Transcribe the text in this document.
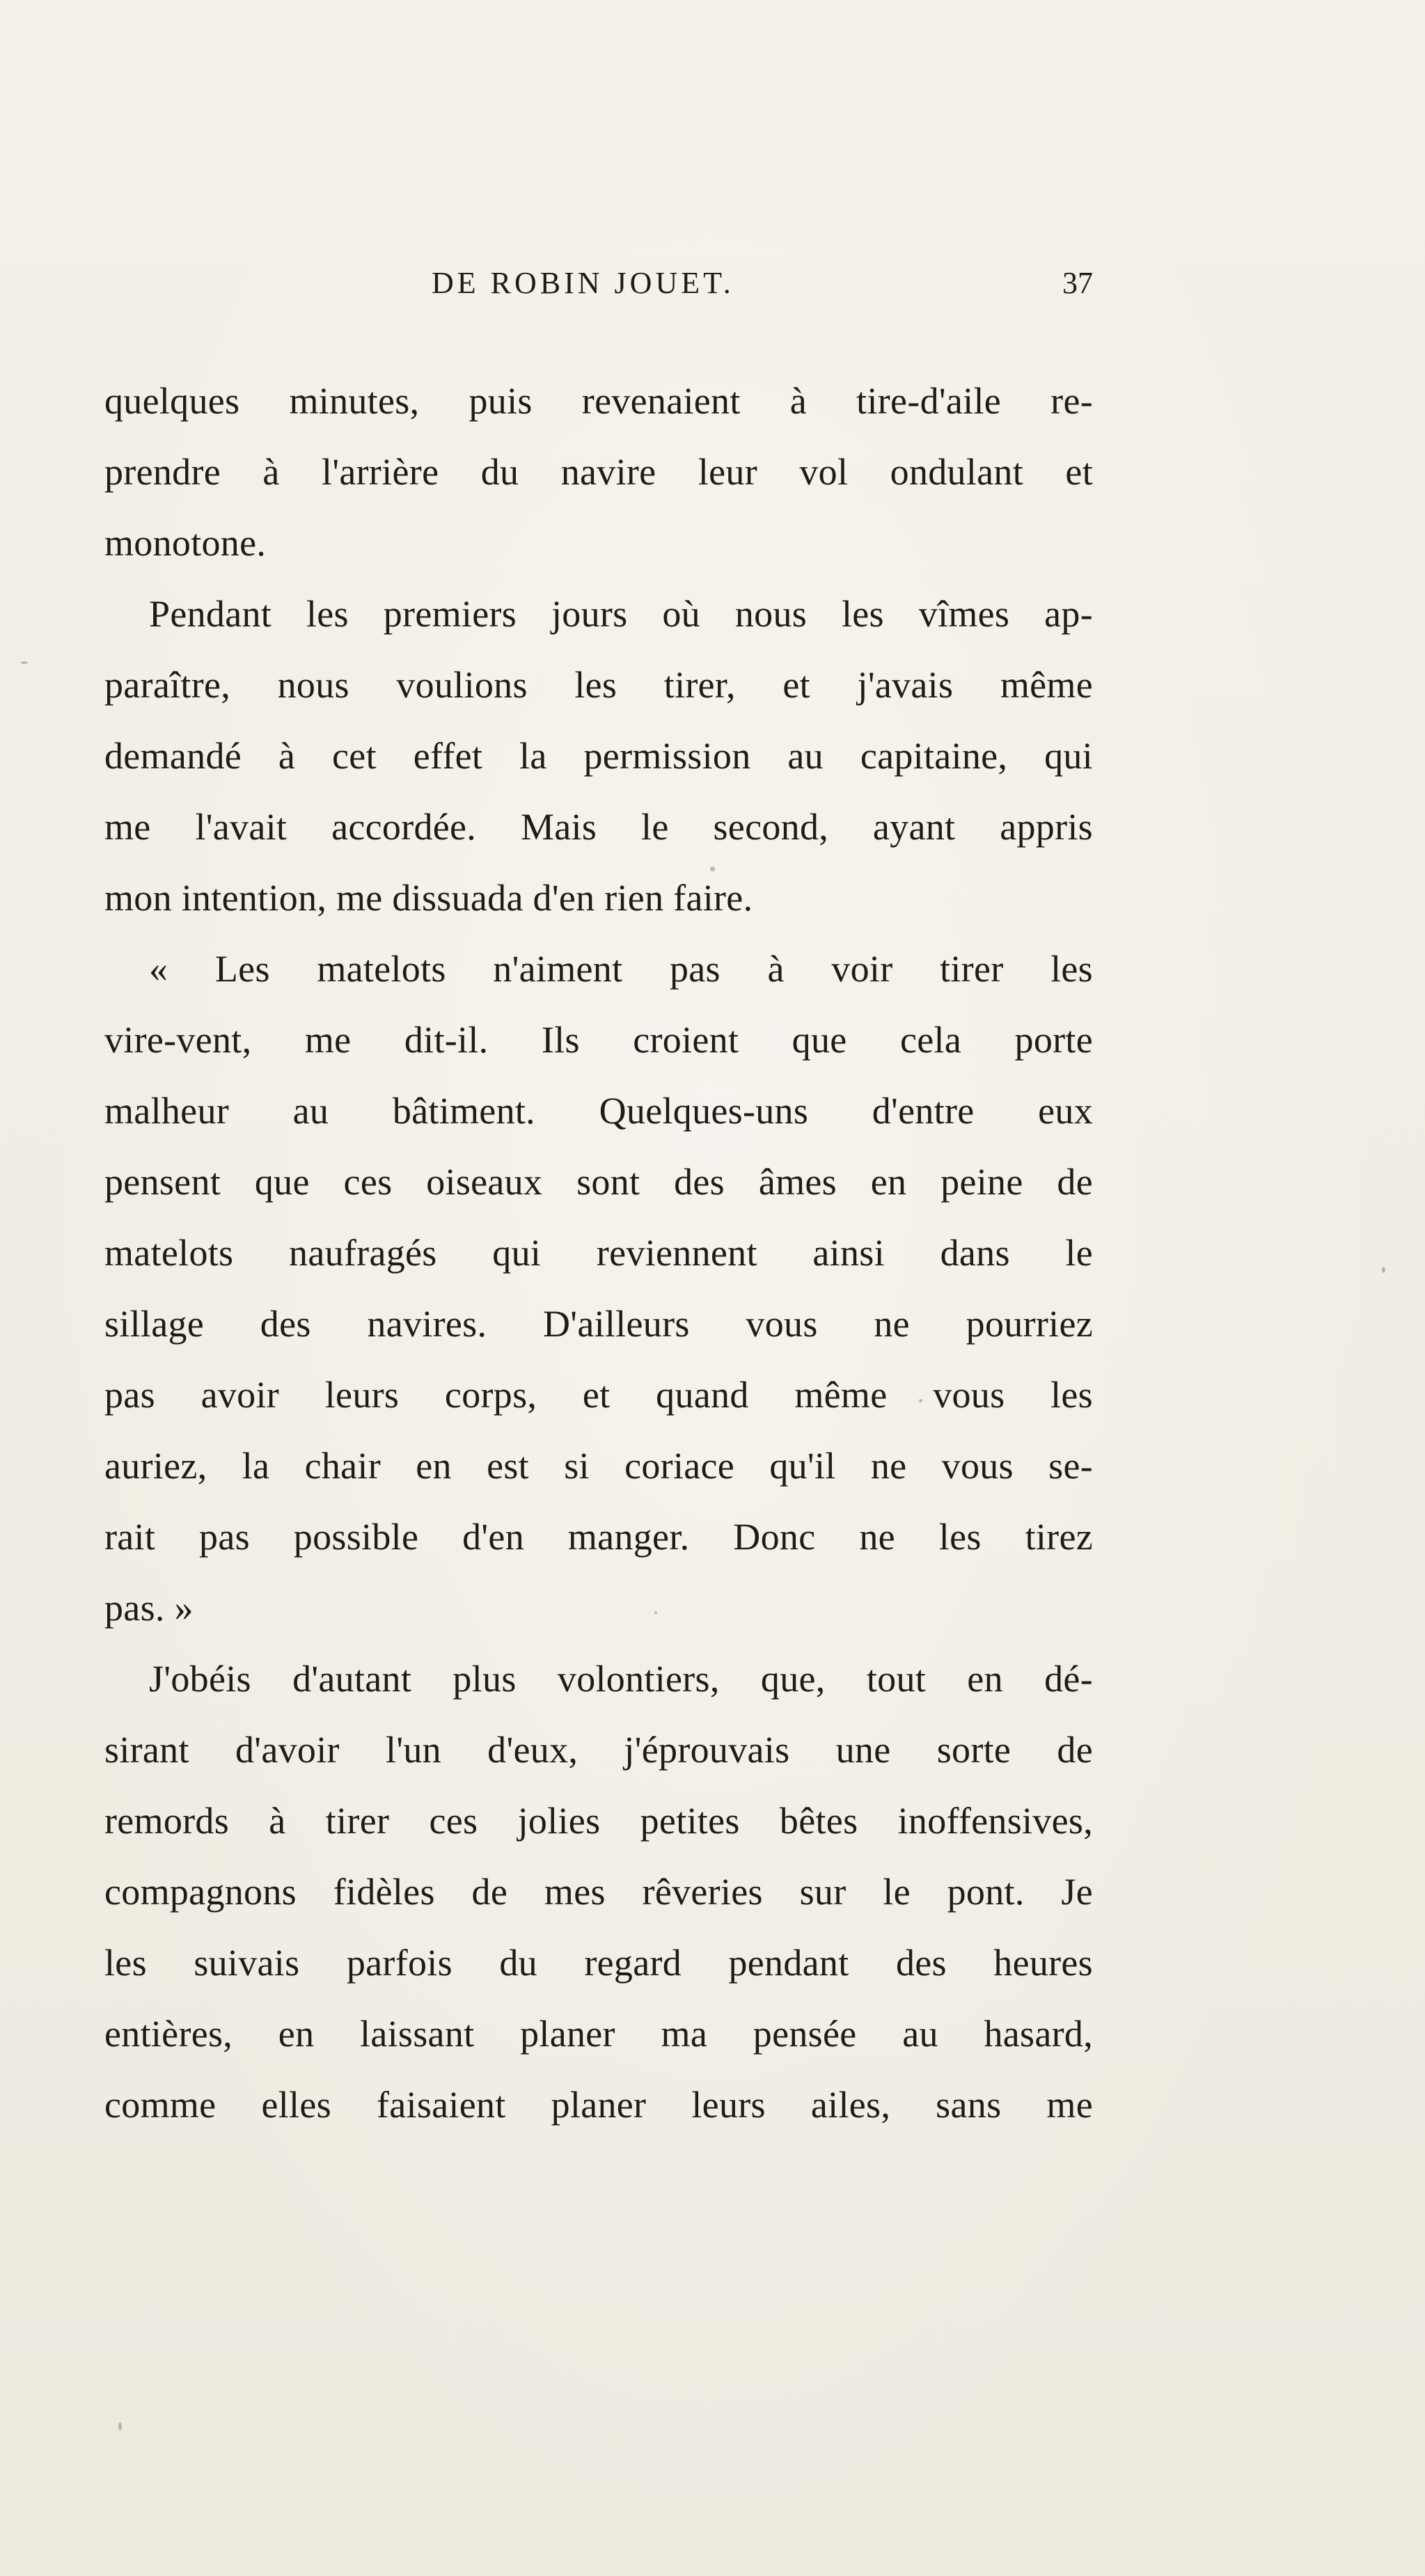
DE ROBIN JOUET.	37
quelques minutes, puis revenaient à tire-d'aile re-
prendre à l'arrière du navire leur vol ondulant et
monotone.
Pendant les premiers jours où nous les vîmes ap-
paraître, nous voulions les tirer, et j'avais même
demandé à cet effet la permission au capitaine, qui
me l'avait accordée. Mais le second, ayant appris
mon intention, me dissuada d'en rien faire.
« Les matelots n'aiment pas à voir tirer les
vire-vent, me dit-il. Ils croient que cela porte
malheur au bâtiment. Quelques-uns d'entre eux
pensent que ces oiseaux sont des âmes en peine de
matelots naufragés qui reviennent ainsi dans le
sillage des navires. D'ailleurs vous ne pourriez
pas avoir leurs corps, et quand même vous les
auriez, la chair en est si coriace qu'il ne vous se-
rait pas possible d'en manger. Donc ne les tirez
pas. »
J'obéis d'autant plus volontiers, que, tout en dé-
sirant d'avoir l'un d'eux, j'éprouvais une sorte de
remords à tirer ces jolies petites bêtes inoffensives,
compagnons fidèles de mes rêveries sur le pont. Je
les suivais parfois du regard pendant des heures
entières, en laissant planer ma pensée au hasard,
comme elles faisaient planer leurs ailes, sans me
